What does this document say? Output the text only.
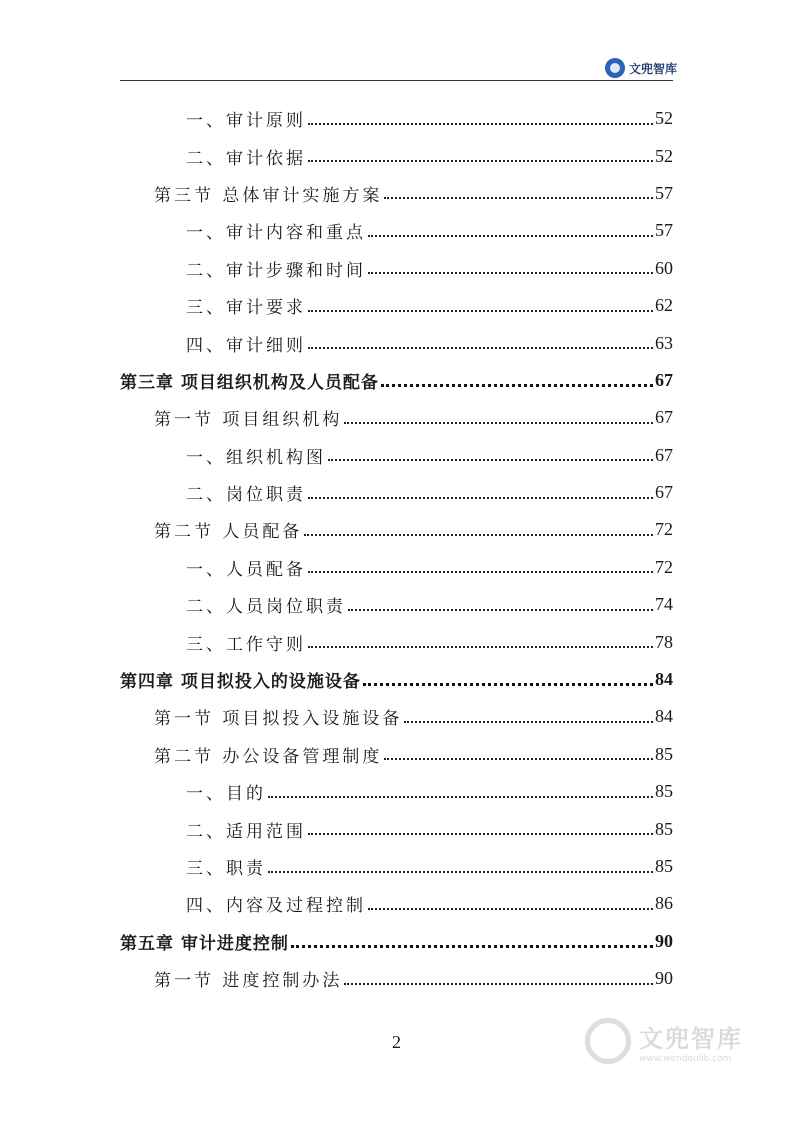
文兜智库
一、审计原则	52
二、审计依据	52
第三节 总体审计实施方案	57
一、审计内容和重点	57
二、审计步骤和时间	60
三、审计要求	62
四、审计细则	63
第三章 项目组织机构及人员配备	67
第一节 项目组织机构	67
一、组织机构图	67
二、岗位职责	67
第二节 人员配备	72
一、人员配备	72
二、人员岗位职责	74
三、工作守则	78
第四章 项目拟投入的设施设备	84
第一节 项目拟投入设施设备	84
第二节 办公设备管理制度	85
一、目的	85
二、适用范围	85
三、职责	85
四、内容及过程控制	86
第五章 审计进度控制	90
第一节 进度控制办法	90
2	文兜智库
www.wendoulib.com
